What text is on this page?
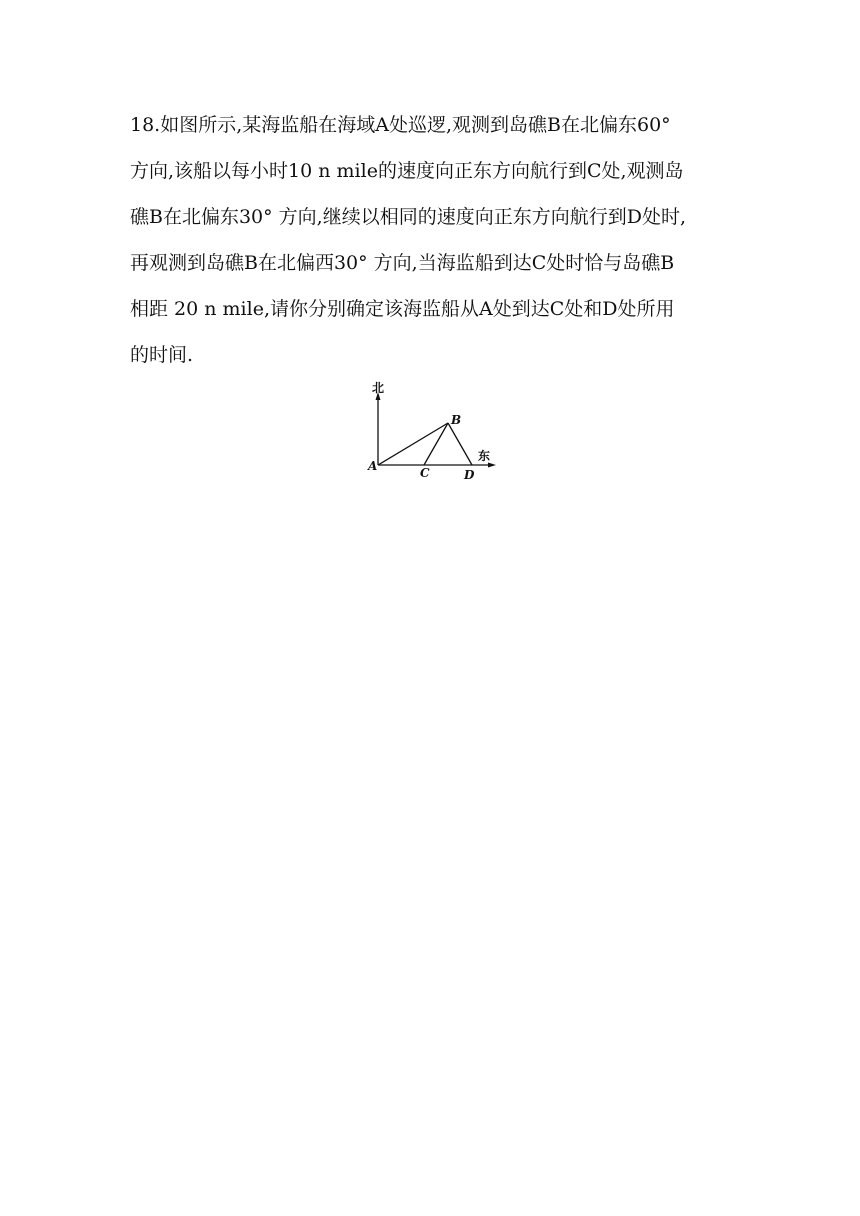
18.如图所示,某海监船在海域A处巡逻,观测到岛礁B在北偏东60°
方向,该船以每小时10 n mile的速度向正东方向航行到C处,观测岛
礁B在北偏东30° 方向,继续以相同的速度向正东方向航行到D处时,
再观测到岛礁B在北偏西30° 方向,当海监船到达C处时恰与岛礁B
相距 20 n mile,请你分别确定该海监船从A处到达C处和D处所用
的时间.
北
东
A
B
C	D
